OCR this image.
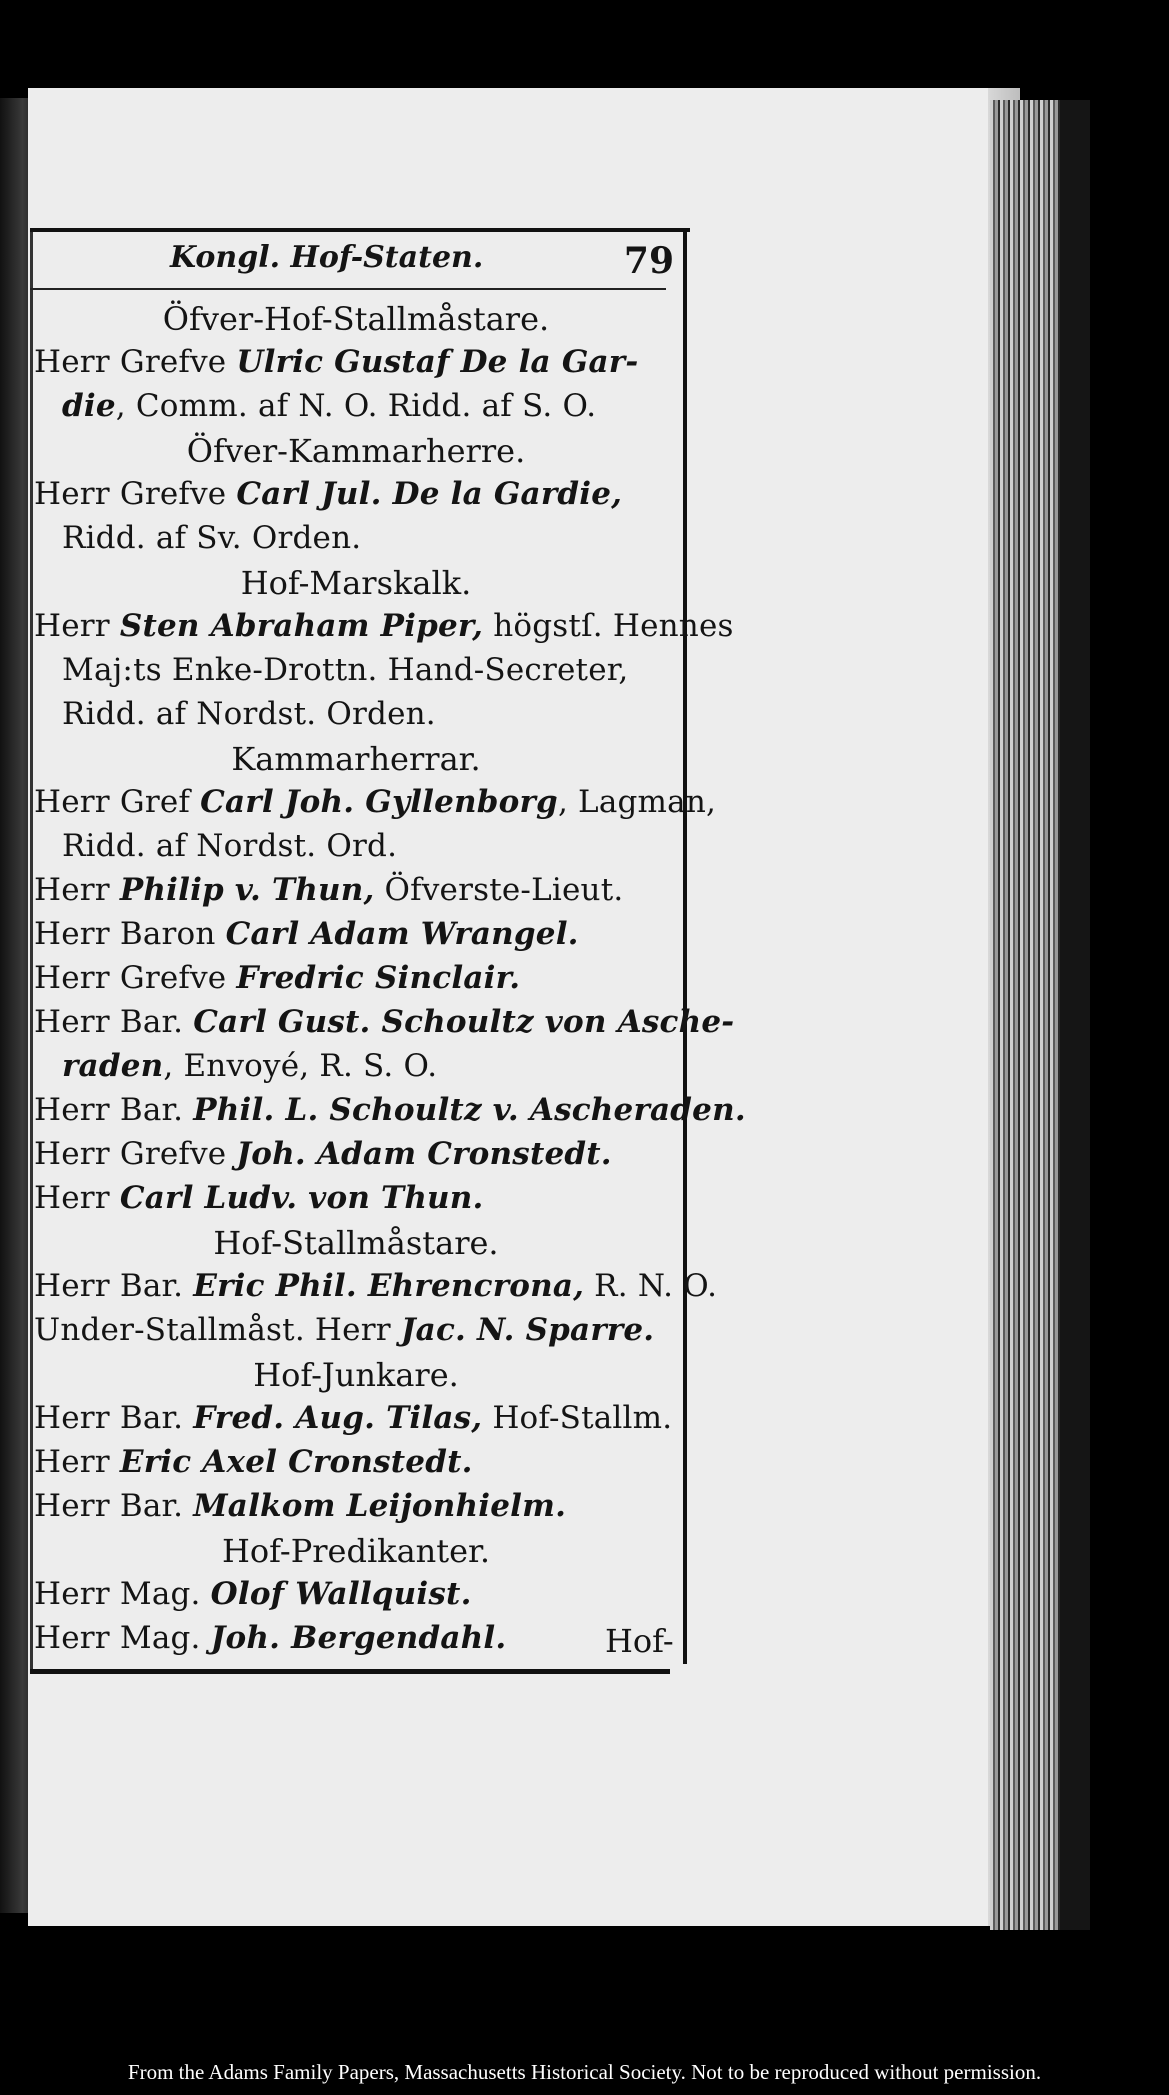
Kongl. Hof-Staten.	79
Öfver-Hof-Stallmåstare.
Herr Grefve Ulric Gustaf De la Gar-
die, Comm. af N. O. Ridd. af S. O.
Öfver-Kammarherre.
Herr Grefve Carl Jul. De la Gardie,
Ridd. af Sv. Orden.
Hof-Marskalk.
Herr Sten Abraham Piper, högstſ. Hennes
Maj:ts Enke-Drottn. Hand-Secreter,
Ridd. af Nordst. Orden.
Kammarherrar.
Herr Gref Carl Joh. Gyllenborg, Lagman,
Ridd. af Nordst. Ord.
Herr Philip v. Thun, Öfverste-Lieut.
Herr Baron Carl Adam Wrangel.
Herr Grefve Fredric Sinclair.
Herr Bar. Carl Gust. Schoultz von Asche-
raden, Envoyé, R. S. O.
Herr Bar. Phil. L. Schoultz v. Ascheraden.
Herr Grefve Joh. Adam Cronstedt.
Herr Carl Ludv. von Thun.
Hof-Stallmåstare.
Herr Bar. Eric Phil. Ehrencrona, R. N. O.
Under-Stallmåst. Herr Jac. N. Sparre.
Hof-Junkare.
Herr Bar. Fred. Aug. Tilas, Hof-Stallm.
Herr Eric Axel Cronstedt.
Herr Bar. Malkom Leijonhielm.
Hof-Predikanter.
Herr Mag. Olof Wallquist.
Herr Mag. Joh. Bergendahl.	Hof-
From the Adams Family Papers, Massachusetts Historical Society. Not to be reproduced without permission.
